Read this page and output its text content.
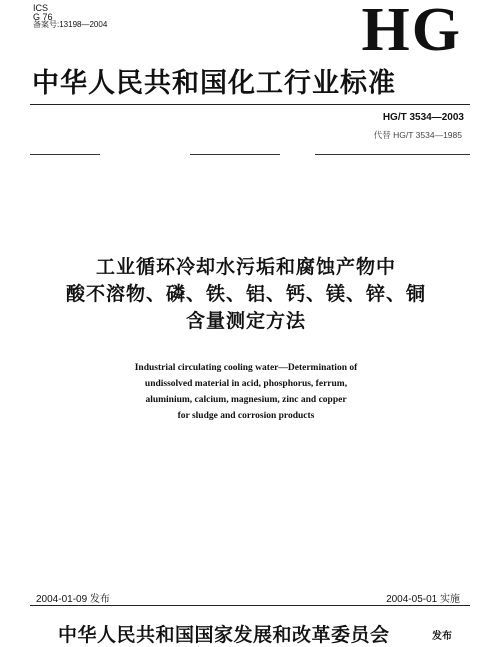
ICS
G 76
备案号:13198—2004	HG
中华人民共和国化工行业标准
HG/T 3534—2003
代替 HG/T 3534—1985
工业循环冷却水污垢和腐蚀产物中
酸不溶物、磷、铁、铝、钙、镁、锌、铜
含量测定方法
Industrial circulating cooling water—Determination of
undissolved material in acid, phosphorus, ferrum,
aluminium, calcium, magnesium, zinc and copper
for sludge and corrosion products
2004-01-09 发布	2004-05-01 实施
中华人民共和国国家发展和改革委员会	发布
